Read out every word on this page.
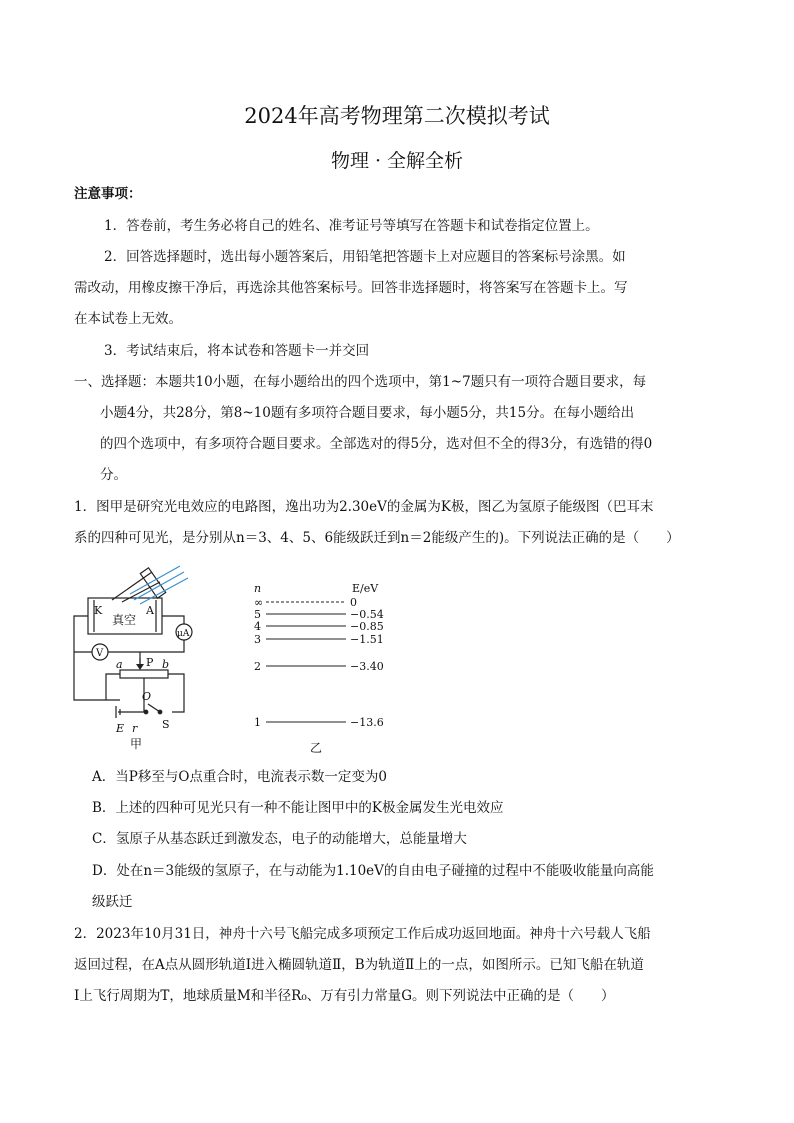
2024年高考物理第二次模拟考试
物理 · 全解全析
注意事项：
1．答卷前，考生务必将自己的姓名、准考证号等填写在答题卡和试卷指定位置上。
2．回答选择题时，选出每小题答案后，用铅笔把答题卡上对应题目的答案标号涂黑。如
需改动，用橡皮擦干净后，再选涂其他答案标号。回答非选择题时，将答案写在答题卡上。写
在本试卷上无效。
3．考试结束后，将本试卷和答题卡一并交回
一、选择题：本题共10小题，在每小题给出的四个选项中，第1~7题只有一项符合题目要求，每
小题4分，共28分，第8~10题有多项符合题目要求，每小题5分，共15分。在每小题给出
的四个选项中，有多项符合题目要求。全部选对的得5分，选对但不全的得3分，有选错的得0
分。
1．图甲是研究光电效应的电路图，逸出功为2.30eV的金属为K极，图乙为氢原子能级图（巴耳末
系的四种可见光，是分别从n＝3、4、5、6能级跃迁到n＝2能级产生的)。下列说法正确的是（　　）
K	A
真空
μA
V
a P b
O
E r S
甲
n	E/eV
∞	0
5	−0.54
4	−0.85
3	−1.51
2	−3.40
1	−13.6
乙
A．当P移至与O点重合时，电流表示数一定变为0
B．上述的四种可见光只有一种不能让图甲中的K极金属发生光电效应
C．氢原子从基态跃迁到激发态，电子的动能增大，总能量增大
D．处在n＝3能级的氢原子，在与动能为1.10eV的自由电子碰撞的过程中不能吸收能量向高能
级跃迁
2．2023年10月31日，神舟十六号飞船完成多项预定工作后成功返回地面。神舟十六号载人飞船
返回过程，在A点从圆形轨道Ⅰ进入椭圆轨道Ⅱ，B为轨道Ⅱ上的一点，如图所示。已知飞船在轨道
Ⅰ上飞行周期为T，地球质量M和半径R₀、万有引力常量G。则下列说法中正确的是（　　）
